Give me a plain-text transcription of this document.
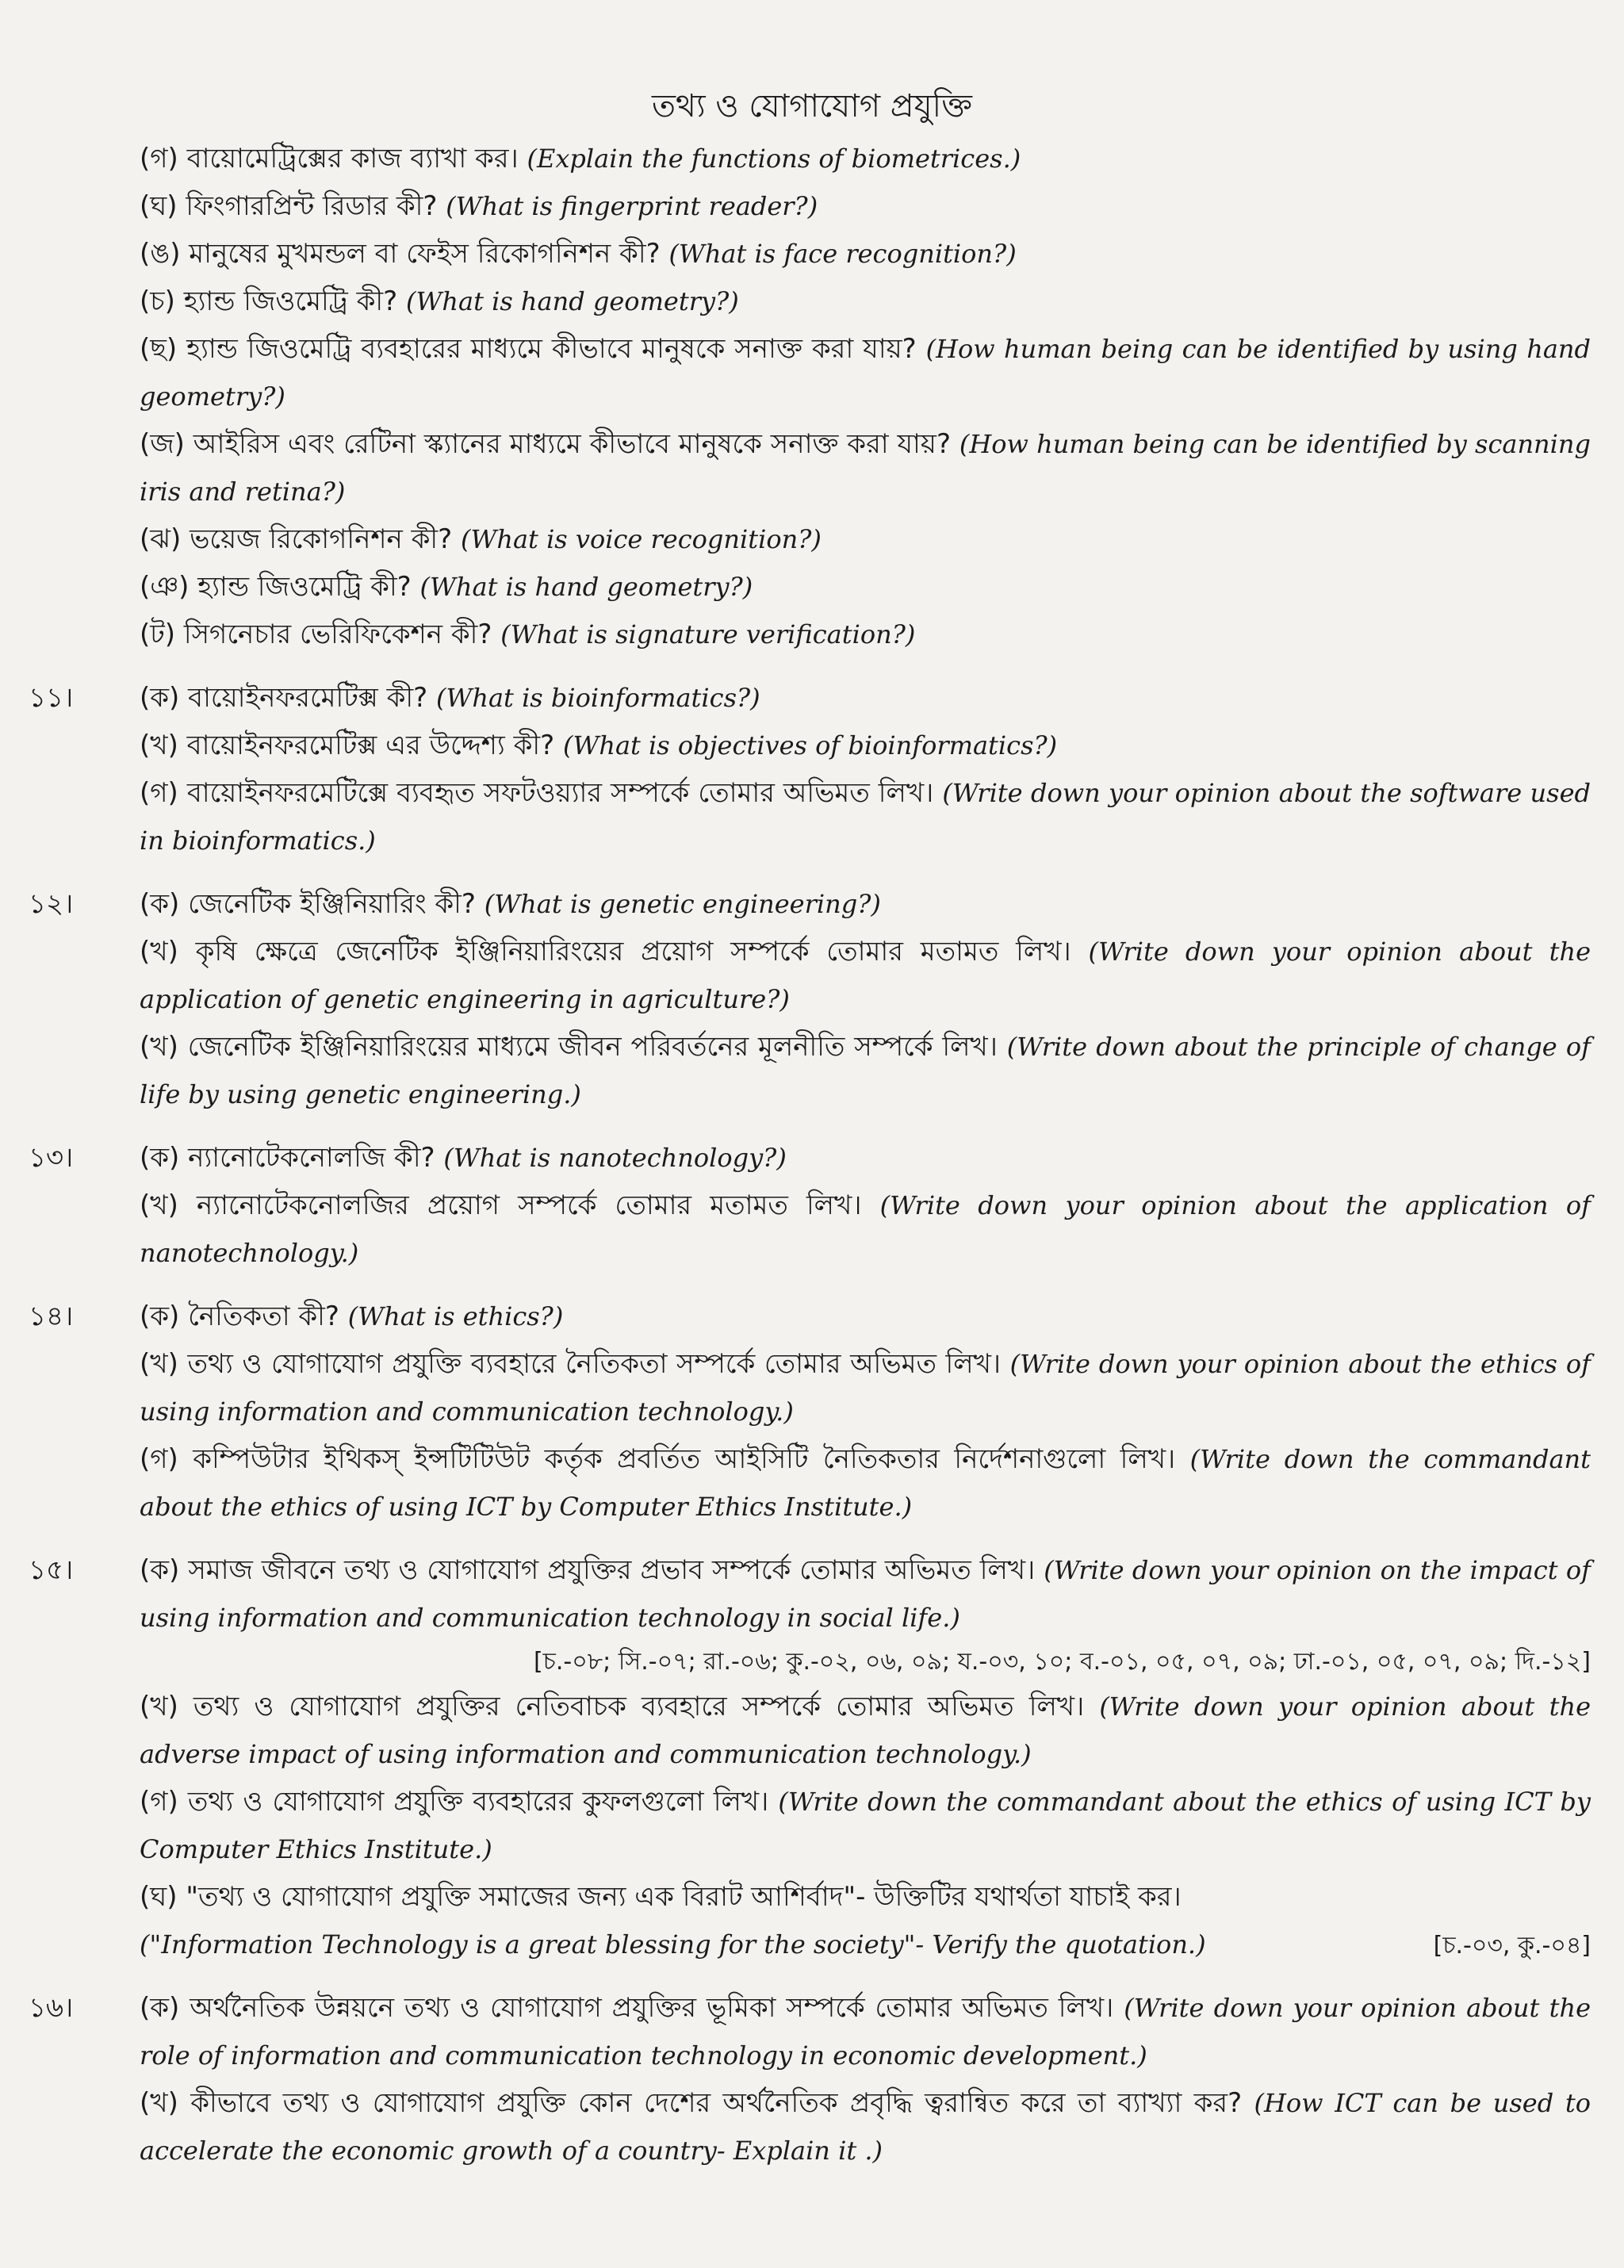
তথ্য ও যোগাযোগ প্রযুক্তি
(গ) বায়োমেট্রিক্সের কাজ ব্যাখা কর। (Explain the functions of biometrices.)
(ঘ) ফিংগারপ্রিন্ট রিডার কী? (What is fingerprint reader?)
(ঙ) মানুষের মুখমন্ডল বা ফেইস রিকোগনিশন কী? (What is face recognition?)
(চ) হ্যান্ড জিওমেট্রি কী? (What is hand geometry?)
(ছ) হ্যান্ড জিওমেট্রি ব্যবহারের মাধ্যমে কীভাবে মানুষকে সনাক্ত করা যায়? (How human being can be identified by using hand geometry?)
(জ) আইরিস এবং রেটিনা স্ক্যানের মাধ্যমে কীভাবে মানুষকে সনাক্ত করা যায়? (How human being can be identified by scanning iris and retina?)
(ঝ) ভয়েজ রিকোগনিশন কী? (What is voice recognition?)
(ঞ) হ্যান্ড জিওমেট্রি কী? (What is hand geometry?)
(ট) সিগনেচার ভেরিফিকেশন কী? (What is signature verification?)
১১।	(ক) বায়োইনফরমেটিক্স কী? (What is bioinformatics?)
(খ) বায়োইনফরমেটিক্স এর উদ্দেশ্য কী? (What is objectives of bioinformatics?)
(গ) বায়োইনফরমেটিক্সে ব্যবহৃত সফটওয়্যার সম্পর্কে তোমার অভিমত লিখ। (Write down your opinion about the software used in bioinformatics.)
১২।	(ক) জেনেটিক ইঞ্জিনিয়ারিং কী? (What is genetic engineering?)
(খ) কৃষি ক্ষেত্রে জেনেটিক ইঞ্জিনিয়ারিংয়ের প্রয়োগ সম্পর্কে তোমার মতামত লিখ। (Write down your opinion about the application of genetic engineering in agriculture?)
(খ) জেনেটিক ইঞ্জিনিয়ারিংয়ের মাধ্যমে জীবন পরিবর্তনের মূলনীতি সম্পর্কে লিখ। (Write down about the principle of change of life by using genetic engineering.)
১৩।	(ক) ন্যানোটেকনোলজি কী? (What is nanotechnology?)
(খ) ন্যানোটেকনোলজির প্রয়োগ সম্পর্কে তোমার মতামত লিখ। (Write down your opinion about the application of nanotechnology.)
১৪।	(ক) নৈতিকতা কী? (What is ethics?)
(খ) তথ্য ও যোগাযোগ প্রযুক্তি ব্যবহারে নৈতিকতা সম্পর্কে তোমার অভিমত লিখ। (Write down your opinion about the ethics of using information and communication technology.)
(গ) কম্পিউটার ইথিকস্ ইন্সটিটিউট কর্তৃক প্রবর্তিত আইসিটি নৈতিকতার নির্দেশনাগুলো লিখ। (Write down the commandant about the ethics of using ICT by Computer Ethics Institute.)
১৫।	(ক) সমাজ জীবনে তথ্য ও যোগাযোগ প্রযুক্তির প্রভাব সম্পর্কে তোমার অভিমত লিখ। (Write down your opinion on the impact of using information and communication technology in social life.)
[চ.-০৮; সি.-০৭; রা.-০৬; কু.-০২, ০৬, ০৯; য.-০৩, ১০; ব.-০১, ০৫, ০৭, ০৯; ঢা.-০১, ০৫, ০৭, ০৯; দি.-১২]
(খ) তথ্য ও যোগাযোগ প্রযুক্তির নেতিবাচক ব্যবহারে সম্পর্কে তোমার অভিমত লিখ। (Write down your opinion about the adverse impact of using information and communication technology.)
(গ) তথ্য ও যোগাযোগ প্রযুক্তি ব্যবহারের কুফলগুলো লিখ। (Write down the commandant about the ethics of using ICT by Computer Ethics Institute.)
(ঘ) "তথ্য ও যোগাযোগ প্রযুক্তি সমাজের জন্য এক বিরাট আশির্বাদ"- উক্তিটির যথার্থতা যাচাই কর।
("Information Technology is a great blessing for the society"- Verify the quotation.)	[চ.-০৩, কু.-০৪]
১৬।	(ক) অর্থনৈতিক উন্নয়নে তথ্য ও যোগাযোগ প্রযুক্তির ভূমিকা সম্পর্কে তোমার অভিমত লিখ। (Write down your opinion about the role of information and communication technology in economic development.)
(খ) কীভাবে তথ্য ও যোগাযোগ প্রযুক্তি কোন দেশের অর্থনৈতিক প্রবৃদ্ধি ত্বরান্বিত করে তা ব্যাখ্যা কর? (How ICT can be used to accelerate the economic growth of a country- Explain it .)
